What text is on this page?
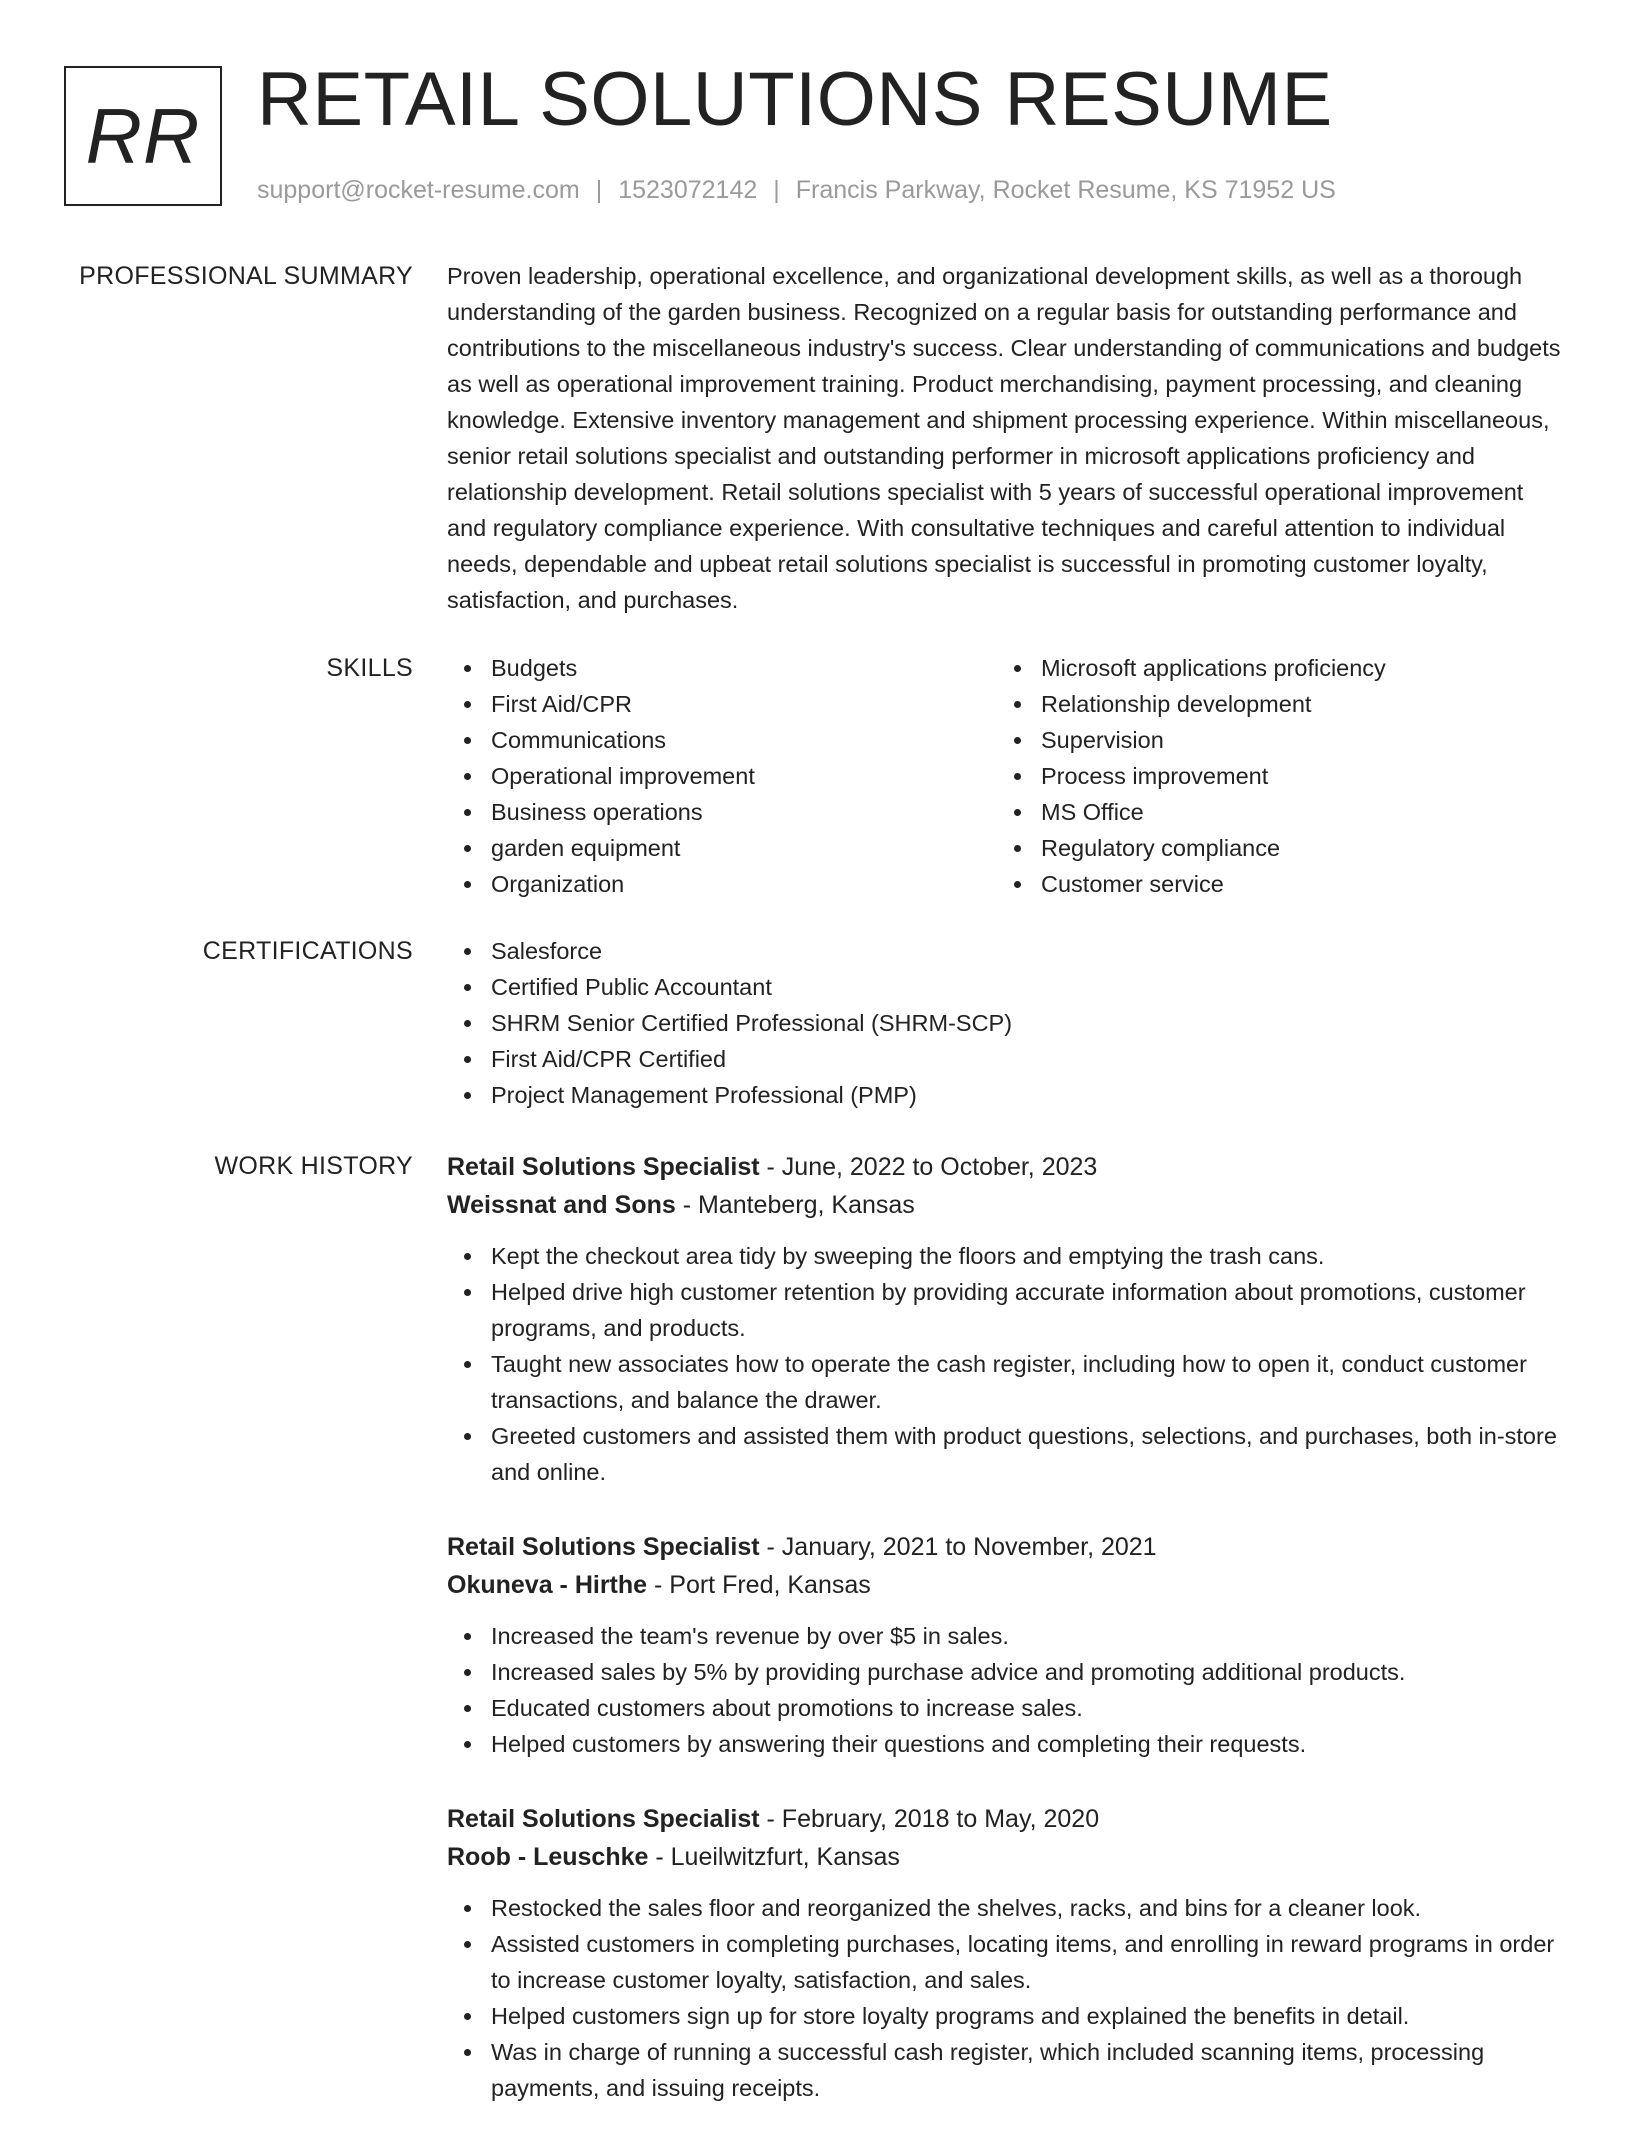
RR RETAIL SOLUTIONS RESUME
support@rocket-resume.com | 1523072142 | Francis Parkway, Rocket Resume, KS 71952 US
PROFESSIONAL SUMMARY Proven leadership, operational excellence, and organizational development skills, as well as a thorough understanding of the garden business. Recognized on a regular basis for outstanding performance and contributions to the miscellaneous industry's success. Clear understanding of communications and budgets as well as operational improvement training. Product merchandising, payment processing, and cleaning knowledge. Extensive inventory management and shipment processing experience. Within miscellaneous, senior retail solutions specialist and outstanding performer in microsoft applications proficiency and relationship development. Retail solutions specialist with 5 years of successful operational improvement and regulatory compliance experience. With consultative techniques and careful attention to individual needs, dependable and upbeat retail solutions specialist is successful in promoting customer loyalty, satisfaction, and purchases.
SKILLS	Budgets
First Aid/CPR
Communications
Operational improvement
Business operations
garden equipment
Organization
Microsoft applications proficiency
Relationship development
Supervision
Process improvement
MS Office
Regulatory compliance
Customer service
CERTIFICATIONS	Salesforce
Certified Public Accountant
SHRM Senior Certified Professional (SHRM-SCP)
First Aid/CPR Certified
Project Management Professional (PMP)
WORK HISTORY Retail Solutions Specialist - June, 2022 to October, 2023
Weissnat and Sons - Manteberg, Kansas
Kept the checkout area tidy by sweeping the floors and emptying the trash cans.
Helped drive high customer retention by providing accurate information about promotions, customer programs, and products.
Taught new associates how to operate the cash register, including how to open it, conduct customer transactions, and balance the drawer.
Greeted customers and assisted them with product questions, selections, and purchases, both in-store and online.
Retail Solutions Specialist - January, 2021 to November, 2021
Okuneva - Hirthe - Port Fred, Kansas
Increased the team's revenue by over $5 in sales.
Increased sales by 5% by providing purchase advice and promoting additional products.
Educated customers about promotions to increase sales.
Helped customers by answering their questions and completing their requests.
Retail Solutions Specialist - February, 2018 to May, 2020
Roob - Leuschke - Lueilwitzfurt, Kansas
Restocked the sales floor and reorganized the shelves, racks, and bins for a cleaner look.
Assisted customers in completing purchases, locating items, and enrolling in reward programs in order to increase customer loyalty, satisfaction, and sales.
Helped customers sign up for store loyalty programs and explained the benefits in detail.
Was in charge of running a successful cash register, which included scanning items, processing payments, and issuing receipts.
